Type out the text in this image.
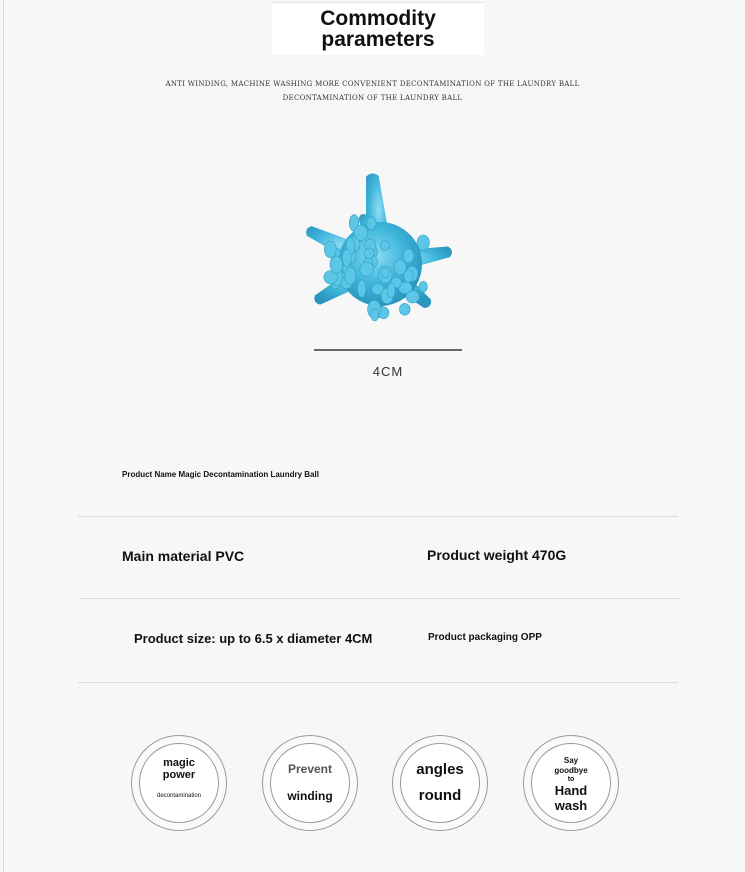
Commodity
parameters
ANTI WINDING, MACHINE WASHING MORE CONVENIENT DECONTAMINATION OF THE LAUNDRY BALL
DECONTAMINATION OF THE LAUNDRY BALL
4CM
Product Name Magic Decontamination Laundry Ball
Main material PVC	Product weight 470G
Product size: up to 6.5 x diameter 4CM	Product packaging OPP
magic
power
decontamination
Prevent
winding
angles
round
Say
goodbye
to
Hand
wash
